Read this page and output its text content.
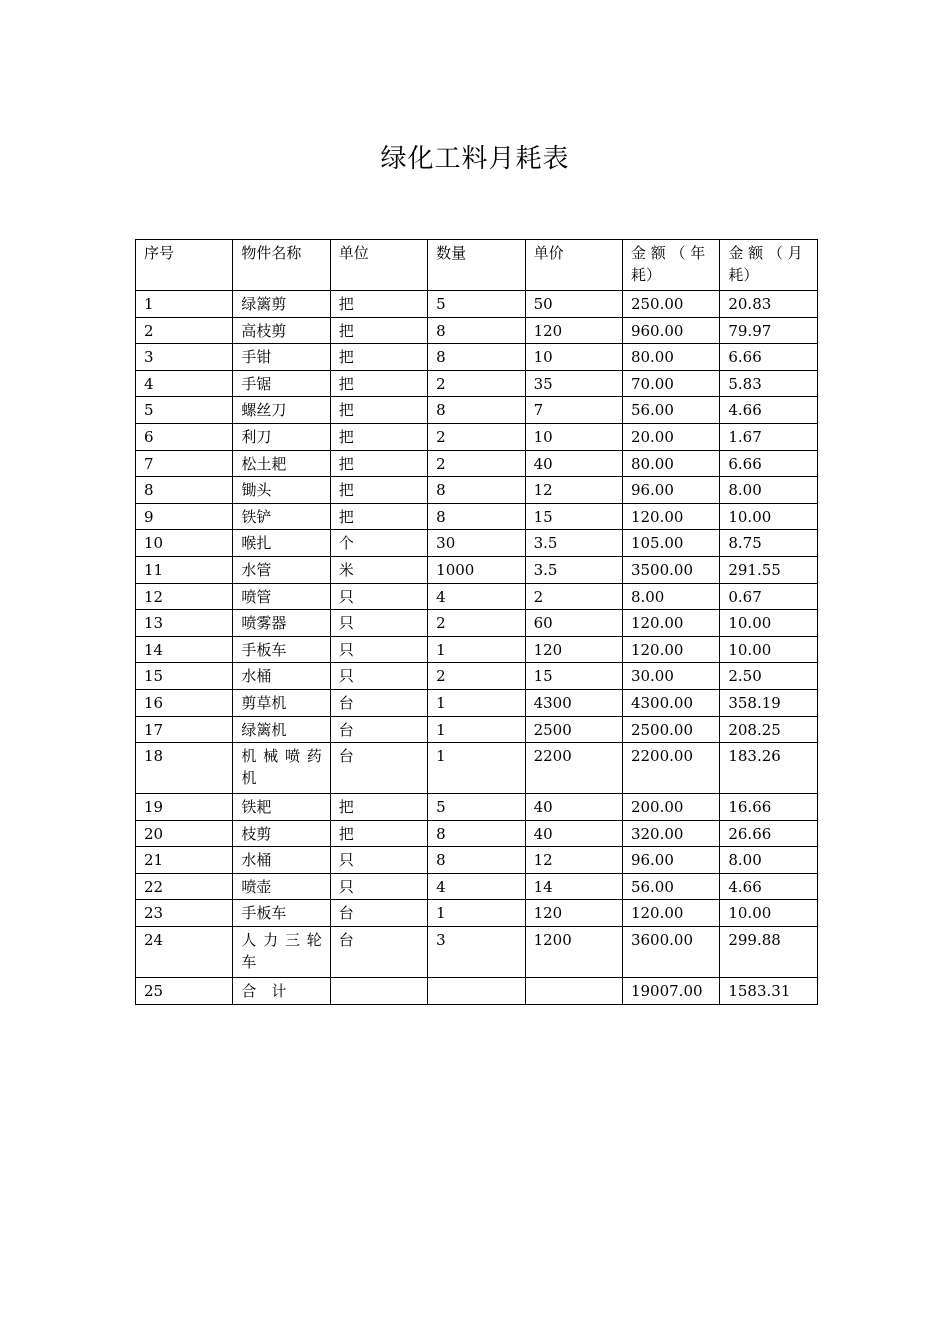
绿化工料月耗表
序号	物件名称	单位	数量	单价	金 额 （ 年 耗）	金 额 （ 月 耗）
1	绿篱剪	把	5	50	250.00	20.83
2	高枝剪	把	8	120	960.00	79.97
3	手钳	把	8	10	80.00	6.66
4	手锯	把	2	35	70.00	5.83
5	螺丝刀	把	8	7	56.00	4.66
6	利刀	把	2	10	20.00	1.67
7	松土耙	把	2	40	80.00	6.66
8	锄头	把	8	12	96.00	8.00
9	铁铲	把	8	15	120.00	10.00
10	喉扎	个	30	3.5	105.00	8.75
11	水管	米	1000	3.5	3500.00	291.55
12	喷管	只	4	2	8.00	0.67
13	喷雾器	只	2	60	120.00	10.00
14	手板车	只	1	120	120.00	10.00
15	水桶	只	2	15	30.00	2.50
16	剪草机	台	1	4300	4300.00	358.19
17	绿篱机	台	1	2500	2500.00	208.25
18	机 械 喷 药 机	台	1	2200	2200.00	183.26
19	铁耙	把	5	40	200.00	16.66
20	枝剪	把	8	40	320.00	26.66
21	水桶	只	8	12	96.00	8.00
22	喷壶	只	4	14	56.00	4.66
23	手板车	台	1	120	120.00	10.00
24	人 力 三 轮 车	台	3	1200	3600.00	299.88
25	合　计				19007.00	1583.31
